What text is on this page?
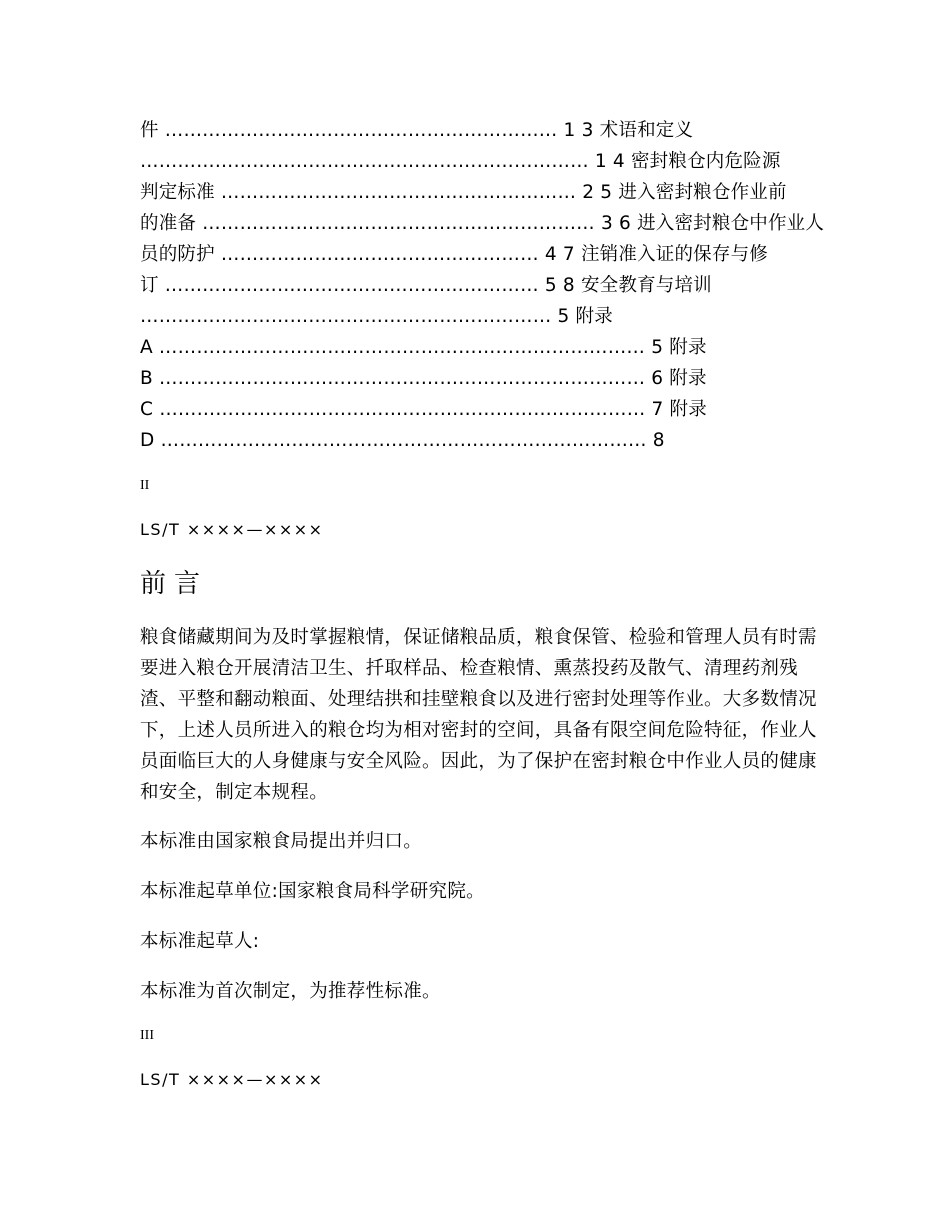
件 ……………………………………………………… 1 3 术语和定义
……………………………………………………………… 1 4 密封粮仓内危险源
判定标准 ………………………………………………… 2 5 进入密封粮仓作业前
的准备 ……………………………………………………… 3 6 进入密封粮仓中作业人
员的防护 …………………………………………… 4 7 注销准入证的保存与修
订 …………………………………………………… 5 8 安全教育与培训
………………………………………………………… 5 附录
A …………………………………………………………………… 5 附录
B …………………………………………………………………… 6 附录
C …………………………………………………………………… 7 附录
D …………………………………………………………………… 8
II
LS/T ××××—××××
前言
粮食储藏期间为及时掌握粮情，保证储粮品质，粮食保管、检验和管理人员有时需要进入粮仓开展清洁卫生、扦取样品、检查粮情、熏蒸投药及散气、清理药剂残渣、平整和翻动粮面、处理结拱和挂壁粮食以及进行密封处理等作业。大多数情况下，上述人员所进入的粮仓均为相对密封的空间，具备有限空间危险特征，作业人员面临巨大的人身健康与安全风险。因此，为了保护在密封粮仓中作业人员的健康和安全，制定本规程。
本标准由国家粮食局提出并归口。
本标准起草单位:国家粮食局科学研究院。
本标准起草人:
本标准为首次制定，为推荐性标准。
III
LS/T ××××—××××
